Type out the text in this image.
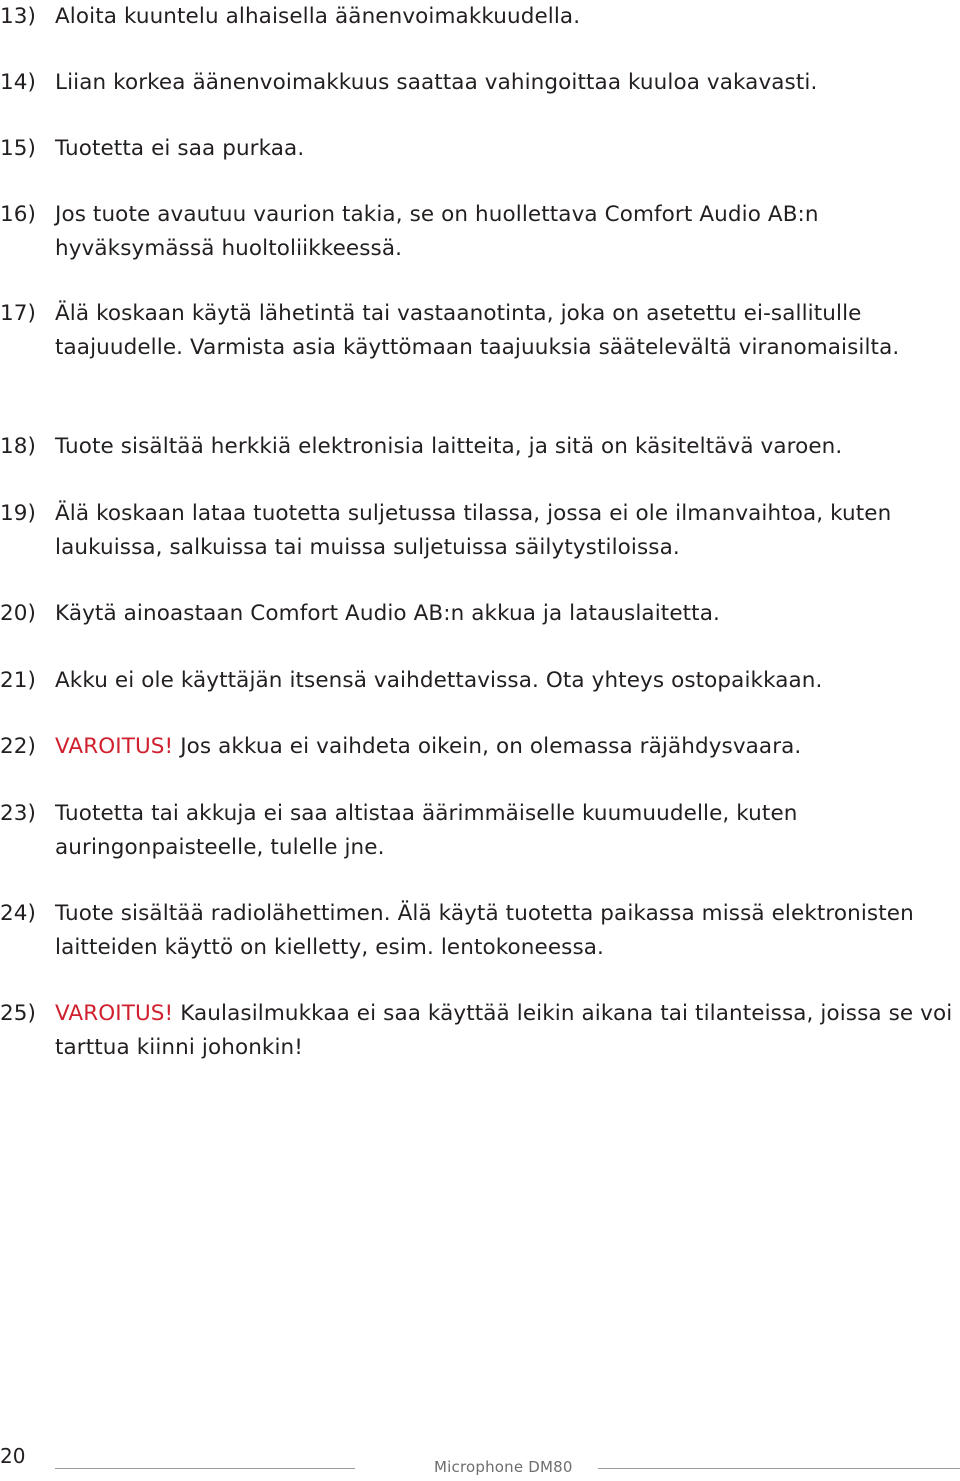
13) Aloita kuuntelu alhaisella äänenvoimakkuudella.
14) Liian korkea äänenvoimakkuus saattaa vahingoittaa kuuloa vakavasti.
15) Tuotetta ei saa purkaa.
16) Jos tuote avautuu vaurion takia, se on huollettava Comfort Audio AB:n hyväksymässä huoltoliikkeessä.
17) Älä koskaan käytä lähetintä tai vastaanotinta, joka on asetettu ei-sallitulle taajuudelle. Varmista asia käyttömaan taajuuksia säätelevältä viranomaisilta.
18) Tuote sisältää herkkiä elektronisia laitteita, ja sitä on käsiteltävä varoen.
19) Älä koskaan lataa tuotetta suljetussa tilassa, jossa ei ole ilmanvaihtoa, kuten laukuissa, salkuissa tai muissa suljetuissa säilytystiloissa.
20) Käytä ainoastaan Comfort Audio AB:n akkua ja latauslaitetta.
21) Akku ei ole käyttäjän itsensä vaihdettavissa. Ota yhteys ostopaikkaan.
22) VAROITUS! Jos akkua ei vaihdeta oikein, on olemassa räjähdysvaara.
23) Tuotetta tai akkuja ei saa altistaa äärimmäiselle kuumuudelle, kuten auringonpaisteelle, tulelle jne.
24) Tuote sisältää radiolähettimen. Älä käytä tuotetta paikassa missä elektronisten laitteiden käyttö on kielletty, esim. lentokoneessa.
25) VAROITUS! Kaulasilmukkaa ei saa käyttää leikin aikana tai tilanteissa, joissa se voi tarttua kiinni johonkin!
20	Microphone DM80
